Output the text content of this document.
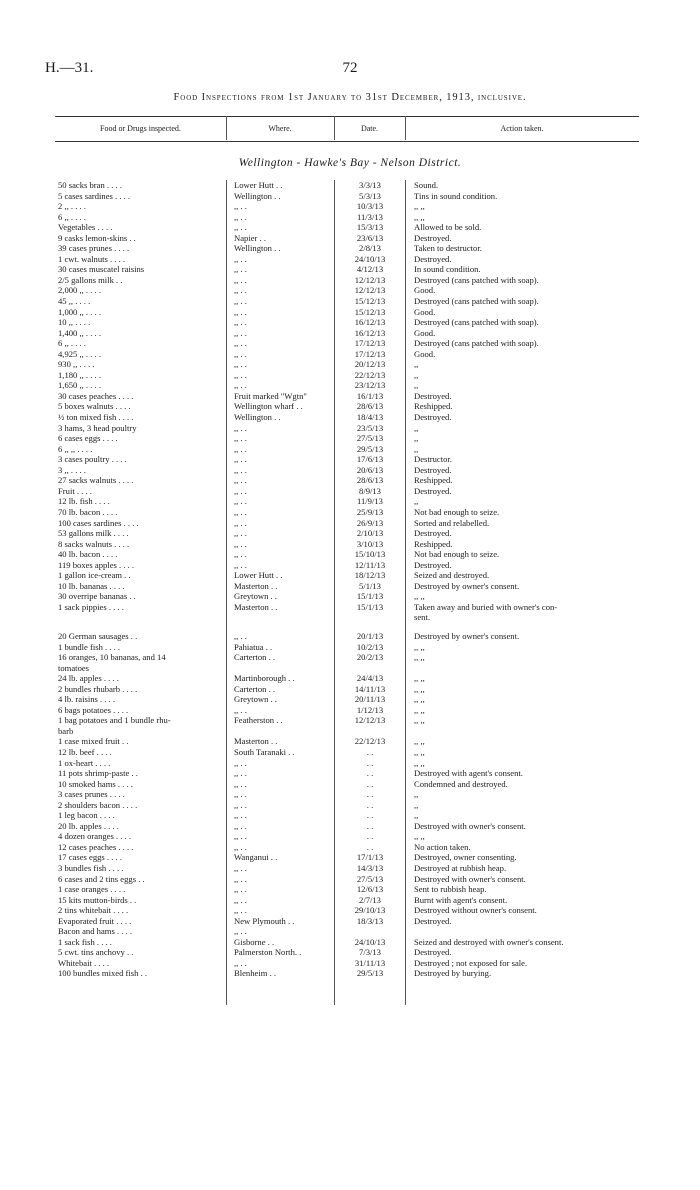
H.—31.	72
Food Inspections from 1st January to 31st December, 1913, inclusive.
Food or Drugs inspected.	Where.	Date.	Action taken.
Wellington - Hawke's Bay - Nelson District.
50 sacks bran . . . .	Lower Hutt . .	3/3/13	Sound.
5 cases sardines . . . .	Wellington . .	5/3/13	Tins in sound condition.
2 ,, . . . .	,, . .	10/3/13	,, ,,
6 ,, . . . .	,, . .	11/3/13	,, ,,
Vegetables . . . .	,, . .	15/3/13	Allowed to be sold.
9 casks lemon-skins . .	Napier . .	23/6/13	Destroyed.
39 cases prunes . . . .	Wellington . .	2/8/13	Taken to destructor.
1 cwt. walnuts . . . .	,, . .	24/10/13	Destroyed.
30 cases muscatel raisins	,, . .	4/12/13	In sound condition.
2/5 gallons milk . .	,, . .	12/12/13	Destroyed (cans patched with soap).
2,000 ,, . . . .	,, . .	12/12/13	Good.
45 ,, . . . .	,, . .	15/12/13	Destroyed (cans patched with soap).
1,000 ,, . . . .	,, . .	15/12/13	Good.
10 ,, . . . .	,, . .	16/12/13	Destroyed (cans patched with soap).
1,400 ,, . . . .	,, . .	16/12/13	Good.
6 ,, . . . .	,, . .	17/12/13	Destroyed (cans patched with soap).
4,925 ,, . . . .	,, . .	17/12/13	Good.
930 ,, . . . .	,, . .	20/12/13	,,
1,180 ,, . . . .	,, . .	22/12/13	,,
1,650 ,, . . . .	,, . .	23/12/13	,,
30 cases peaches . . . .	Fruit marked "Wgtn"	16/1/13	Destroyed.
5 boxes walnuts . . . .	Wellington wharf . .	28/6/13	Reshipped.
½ ton mixed fish . . . .	Wellington . .	18/4/13	Destroyed.
3 hams, 3 head poultry	,, . .	23/5/13	,,
6 cases eggs . . . .	,, . .	27/5/13	,,
6 ,, ,, . . . .	,, . .	29/5/13	,,
3 cases poultry . . . .	,, . .	17/6/13	Destructor.
3 ,, . . . .	,, . .	20/6/13	Destroyed.
27 sacks walnuts . . . .	,, . .	28/6/13	Reshipped.
Fruit . . . .	,, . .	8/9/13	Destroyed.
12 lb. fish . . . .	,, . .	11/9/13	,,
70 lb. bacon . . . .	,, . .	25/9/13	Not bad enough to seize.
100 cases sardines . . . .	,, . .	26/9/13	Sorted and relabelled.
53 gallons milk . . . .	,, . .	2/10/13	Destroyed.
8 sacks walnuts . . . .	,, . .	3/10/13	Reshipped.
40 lb. bacon . . . .	,, . .	15/10/13	Not bad enough to seize.
119 boxes apples . . . .	,, . .	12/11/13	Destroyed.
1 gallon ice-cream . .	Lower Hutt . .	18/12/13	Seized and destroyed.
10 lb. bananas . . . .	Masterton . .	5/1/13	Destroyed by owner's consent.
30 overripe bananas . .	Greytown . .	15/1/13	,, ,,
1 sack pippies . . . .	Masterton . .	15/1/13	Taken away and buried with owner's con-
sent.
20 German sausages . .	,, . .	20/1/13	Destroyed by owner's consent.
1 bundle fish . . . .	Pahiatua . .	10/2/13	,, ,,
16 oranges, 10 bananas, and 14	Carterton . .	20/2/13	,, ,,
tomatoes
24 lb. apples . . . .	Martinborough . .	24/4/13	,, ,,
2 bundles rhubarb . . . .	Carterton . .	14/11/13	,, ,,
4 lb. raisins . . . .	Greytown . .	20/11/13	,, ,,
6 bags potatoes . . . .	,, . .	1/12/13	,, ,,
1 bag potatoes and 1 bundle rhu-	Featherston . .	12/12/13	,, ,,
barb
1 case mixed fruit . .	Masterton . .	22/12/13	,, ,,
12 lb. beef . . . .	South Taranaki . .	. .	,, ,,
1 ox-heart . . . .	,, . .	. .	,, ,,
11 pots shrimp-paste . .	,, . .	. .	Destroyed with agent's consent.
10 smoked hams . . . .	,, . .	. .	Condemned and destroyed.
3 cases prunes . . . .	,, . .	. .	,,
2 shoulders bacon . . . .	,, . .	. .	,,
1 leg bacon . . . .	,, . .	. .	,,
20 lb. apples . . . .	,, . .	. .	Destroyed with owner's consent.
4 dozen oranges . . . .	,, . .	. .	,, ,,
12 cases peaches . . . .	,, . .	. .	No action taken.
17 cases eggs . . . .	Wanganui . .	17/1/13	Destroyed, owner consenting.
3 bundles fish . . . .	,, . .	14/3/13	Destroyed at rubbish heap.
6 cases and 2 tins eggs . .	,, . .	27/5/13	Destroyed with owner's consent.
1 case oranges . . . .	,, . .	12/6/13	Sent to rubbish heap.
15 kits mutton-birds . .	,, . .	2/7/13	Burnt with agent's consent.
2 tins whitebait . . . .	,, . .	29/10/13	Destroyed without owner's consent.
Evaporated fruit . . . .	New Plymouth . .	18/3/13	Destroyed.
Bacon and hams . . . .	,, . .
1 sack fish . . . .	Gisborne . .	24/10/13	Seized and destroyed with owner's consent.
5 cwt. tins anchovy . .	Palmerston North. .	7/3/13	Destroyed.
Whitebait . . . .	,, . .	31/11/13	Destroyed ; not exposed for sale.
100 bundles mixed fish . .	Blenheim . .	29/5/13	Destroyed by burying.
